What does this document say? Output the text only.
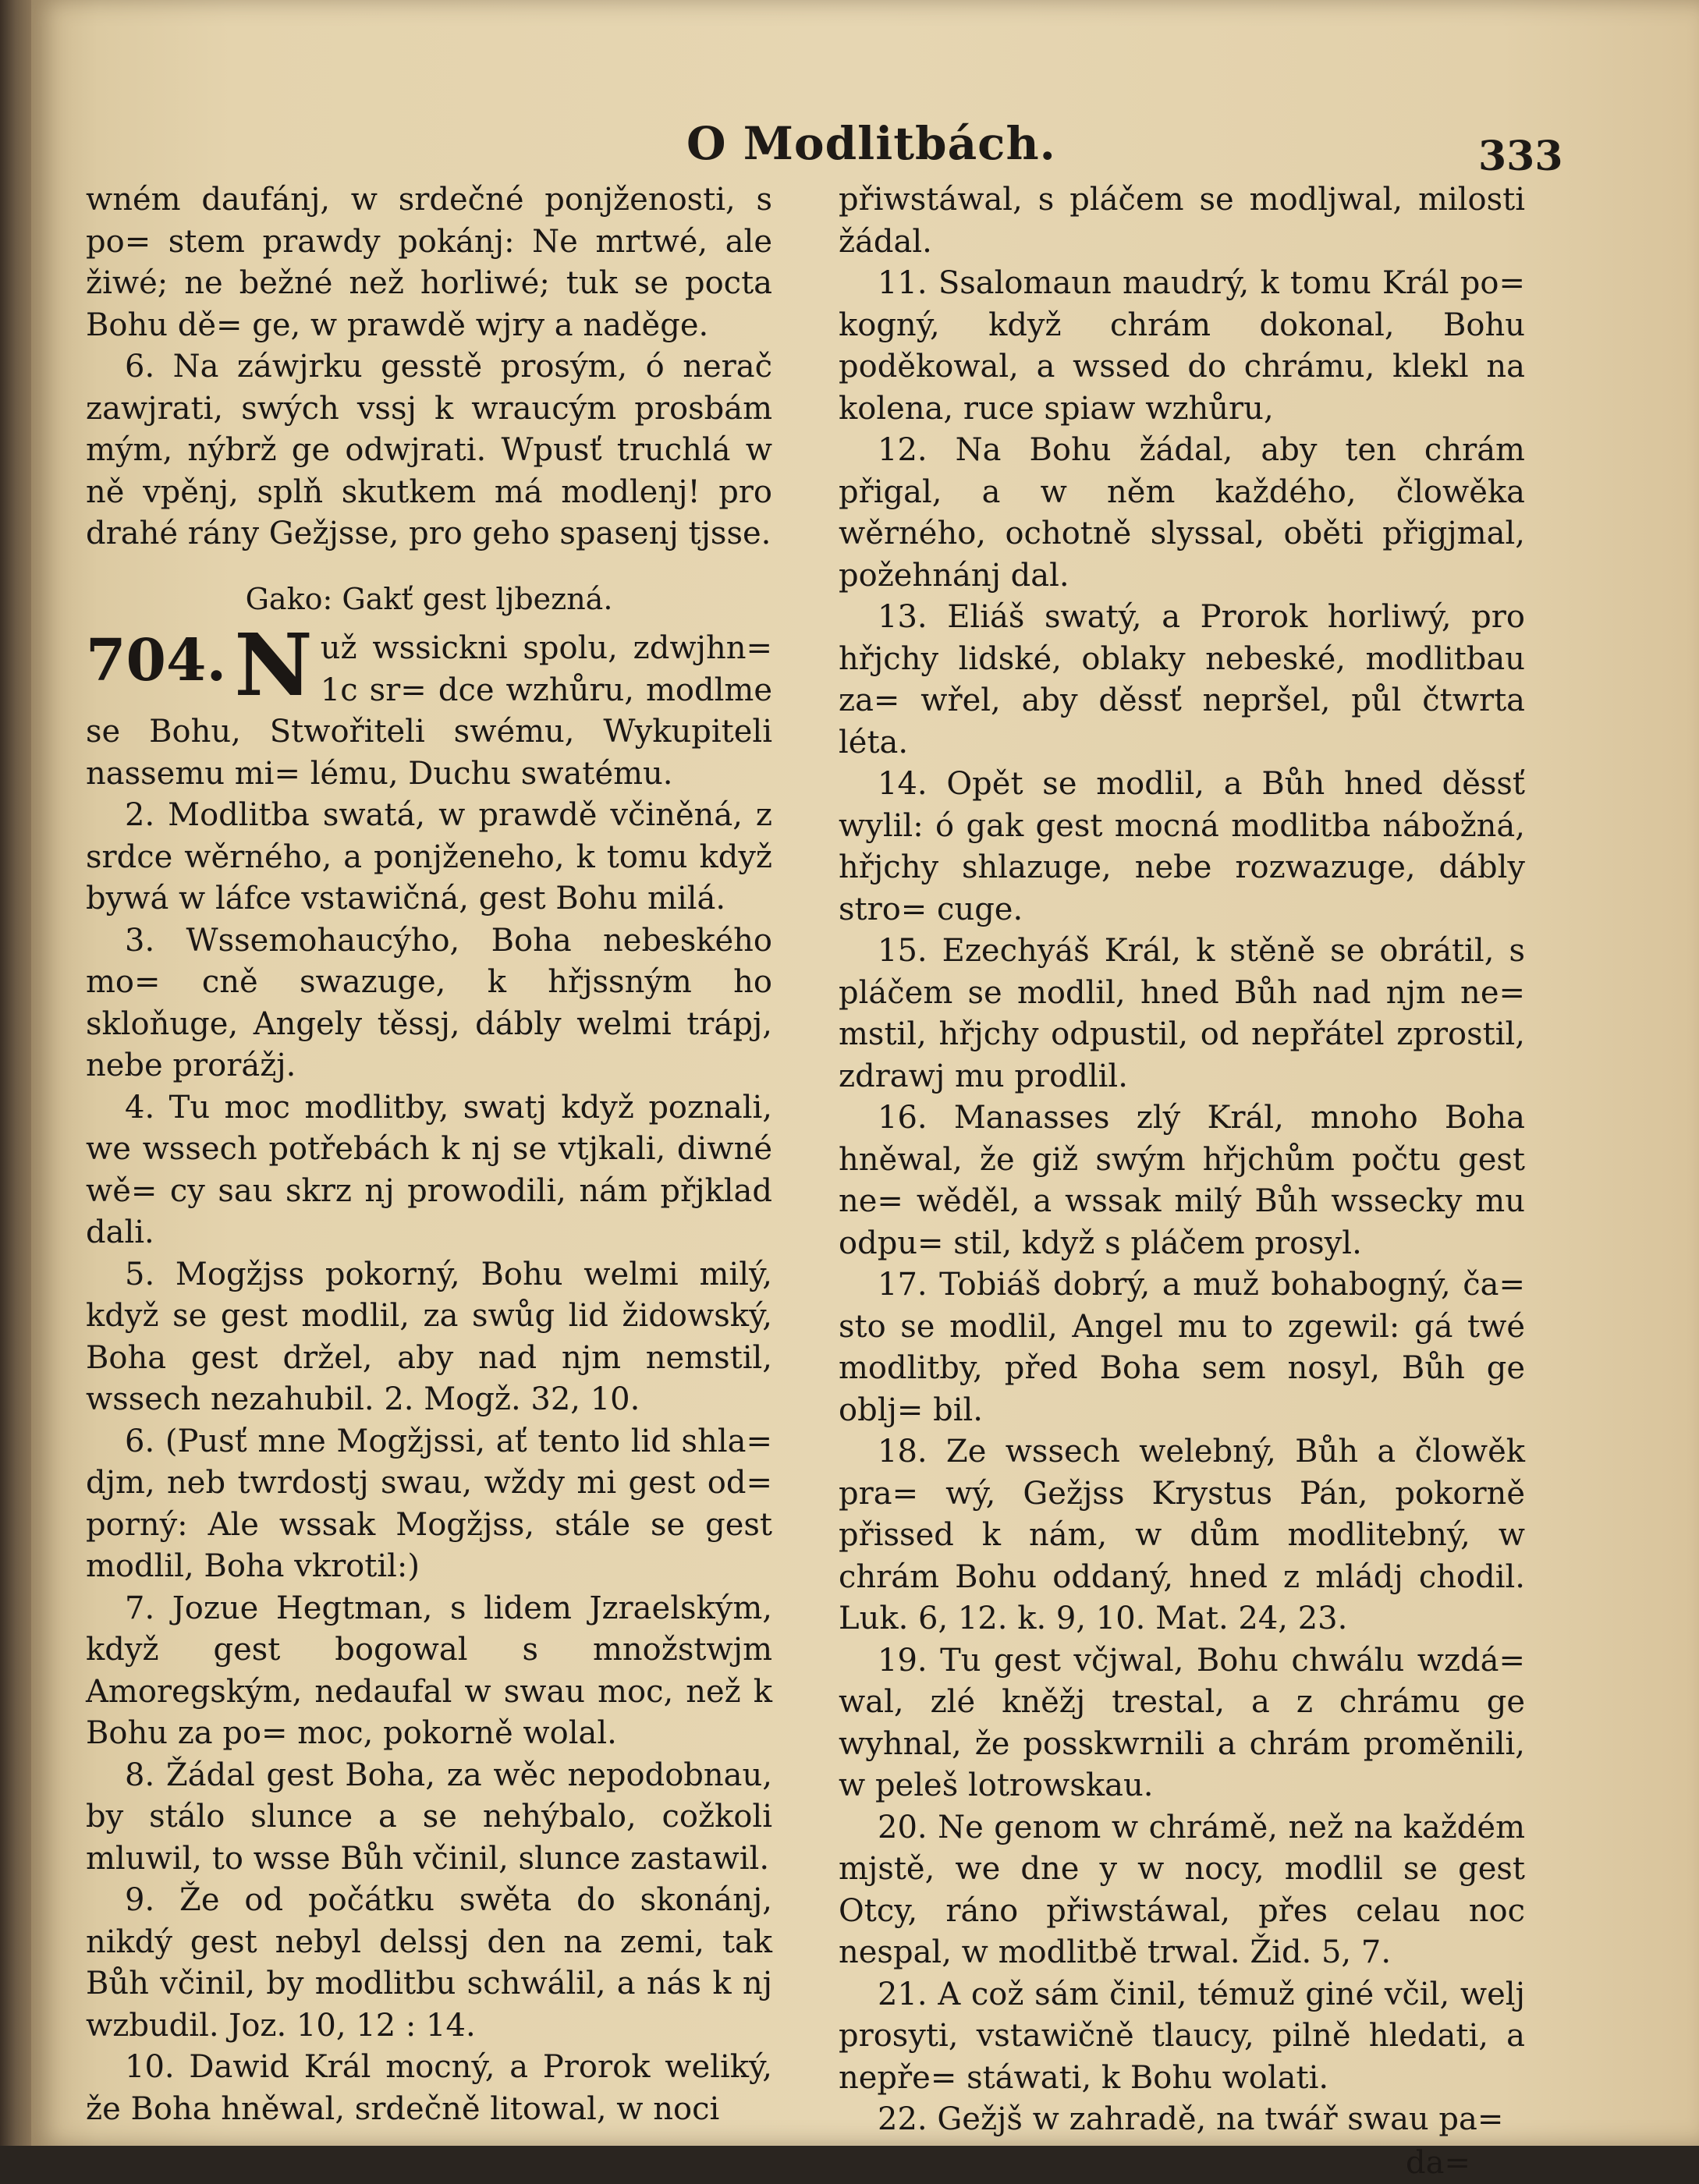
O Modlitbách.	333

wném daufánj, w srdečné ponjženosti, s po= stem prawdy pokánj: Ne mrtwé, ale žiwé; ne bežné než horliwé; tuk se pocta Bohu dě= ge, w prawdě wjry a naděge.

6. Na záwjrku gesstě prosým, ó nerač zawjrati, swých vssj k wraucým prosbám mým, nýbrž ge odwjrati. Wpusť truchlá w ně vpěnj, splň skutkem má modlenj! pro drahé rány Gežjsse, pro geho spasenj tjsse.

Gako: Gakť gest ljbezná.

704. N už wssickni spolu, zdwjhn= 1c sr= dce wzhůru, modlme se Bohu, Stwořiteli swému, Wykupiteli nassemu mi= lému, Duchu swatému.

2. Modlitba swatá, w prawdě včiněná, z srdce wěrného, a ponjženeho, k tomu když bywá w láfce vstawičná, gest Bohu milá.

3. Wssemohaucýho, Boha nebeského mo= cně swazuge, k hřjssným ho skloňuge, Angely těssj, dábly welmi trápj, nebe prorážj.

4. Tu moc modlitby, swatj když poznali, we wssech potřebách k nj se vtjkali, diwné wě= cy sau skrz nj prowodili, nám přjklad dali.

5. Mogžjss pokorný, Bohu welmi milý, když se gest modlil, za swůg lid židowský, Boha gest držel, aby nad njm nemstil, wssech nezahubil. 2. Mogž. 32, 10.

6. (Pusť mne Mogžjssi, ať tento lid shla= djm, neb twrdostj swau, wždy mi gest od= porný: Ale wssak Mogžjss, stále se gest modlil, Boha vkrotil:)

7. Jozue Hegtman, s lidem Jzraelským, když gest bogowal s množstwjm Amoregským, nedaufal w swau moc, než k Bohu za po= moc, pokorně wolal.

8. Žádal gest Boha, za wěc nepodobnau, by stálo slunce a se nehýbalo, cožkoli mluwil, to wsse Bůh včinil, slunce zastawil.

9. Že od počátku swěta do skonánj, nikdý gest nebyl delssj den na zemi, tak Bůh včinil, by modlitbu schwálil, a nás k nj wzbudil. Joz. 10, 12 : 14.

10. Dawid Král mocný, a Prorok weliký, že Boha hněwal, srdečně litowal, w noci

přiwstáwal, s pláčem se modljwal, milosti žádal.

11. Ssalomaun maudrý, k tomu Král po= kogný, když chrám dokonal, Bohu poděkowal, a wssed do chrámu, klekl na kolena, ruce spiaw wzhůru,

12. Na Bohu žádal, aby ten chrám přigal, a w něm každého, člowěka wěrného, ochotně slyssal, oběti přigjmal, požehnánj dal.

13. Eliáš swatý, a Prorok horliwý, pro hřjchy lidské, oblaky nebeské, modlitbau za= wřel, aby děssť nepršel, půl čtwrta léta.

14. Opět se modlil, a Bůh hned děssť wylil: ó gak gest mocná modlitba nábožná, hřjchy shlazuge, nebe rozwazuge, dábly stro= cuge.

15. Ezechyáš Král, k stěně se obrátil, s pláčem se modlil, hned Bůh nad njm ne= mstil, hřjchy odpustil, od nepřátel zprostil, zdrawj mu prodlil.

16. Manasses zlý Král, mnoho Boha hněwal, že giž swým hřjchům počtu gest ne= wěděl, a wssak milý Bůh wssecky mu odpu= stil, když s pláčem prosyl.

17. Tobiáš dobrý, a muž bohabogný, ča= sto se modlil, Angel mu to zgewil: gá twé modlitby, před Boha sem nosyl, Bůh ge oblj= bil.

18. Ze wssech welebný, Bůh a člowěk pra= wý, Gežjss Krystus Pán, pokorně přissed k nám, w dům modlitebný, w chrám Bohu oddaný, hned z mládj chodil. Luk. 6, 12. k. 9, 10. Mat. 24, 23.

19. Tu gest včjwal, Bohu chwálu wzdá= wal, zlé kněžj trestal, a z chrámu ge wyhnal, že posskwrnili a chrám proměnili, w peleš lotrowskau.

20. Ne genom w chrámě, než na každém mjstě, we dne y w nocy, modlil se gest Otcy, ráno přiwstáwal, přes celau noc nespal, w modlitbě trwal. Žid. 5, 7.

21. A což sám činil, témuž giné včil, welj prosyti, vstawičně tlaucy, pilně hledati, a nepře= stáwati, k Bohu wolati.

22. Gežjš w zahradě, na twář swau pa=

da=
